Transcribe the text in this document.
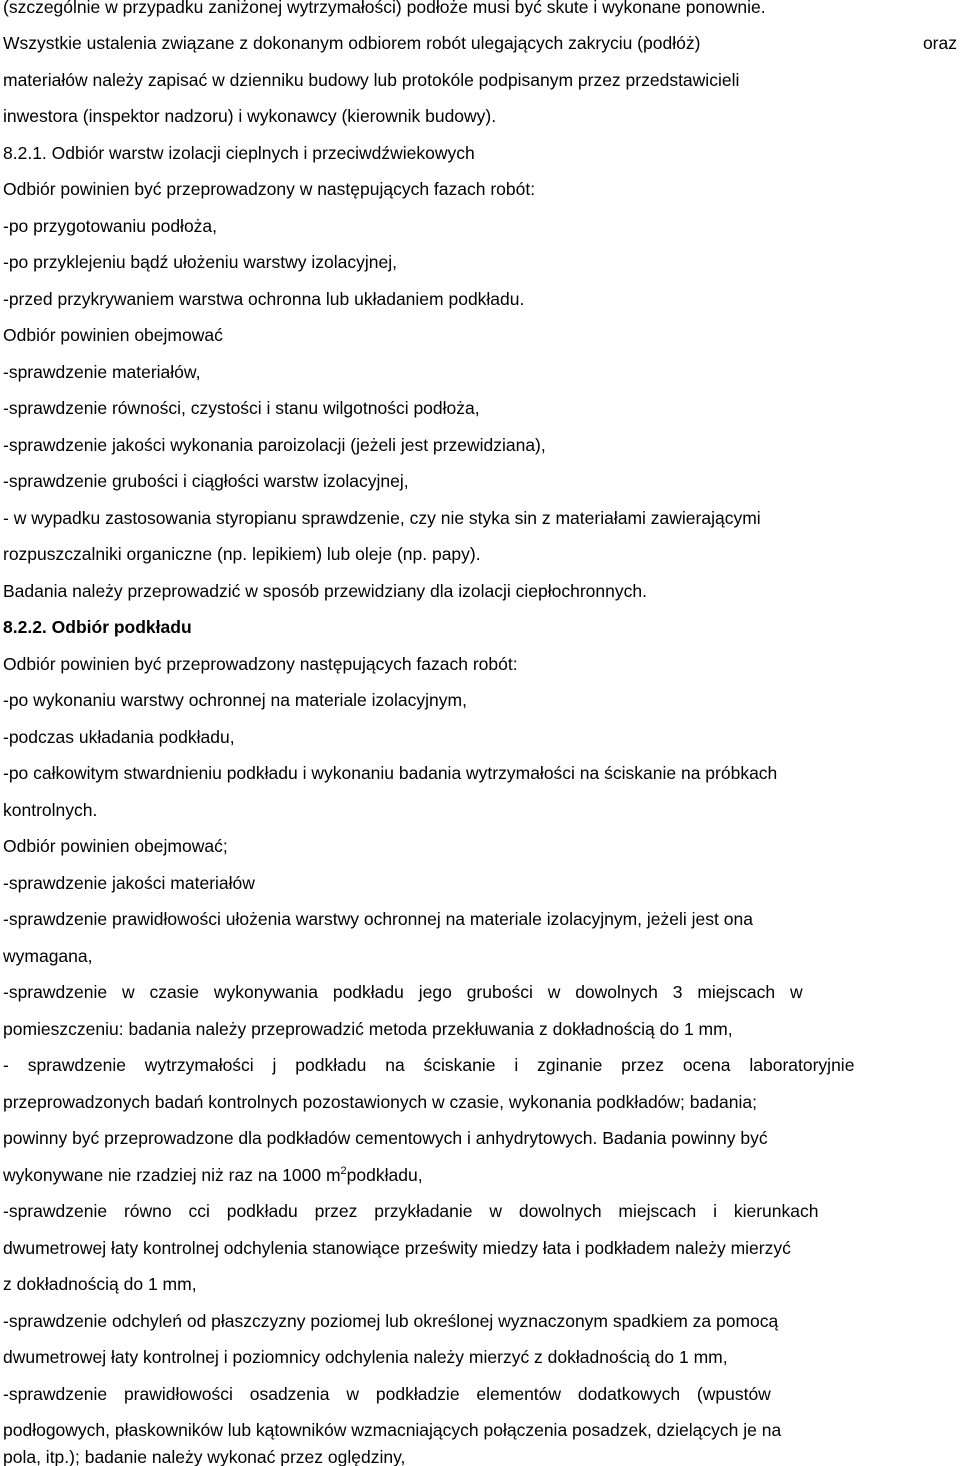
(szczególnie w przypadku zaniżonej wytrzymałości) podłoże musi być skute i wykonane ponownie.
Wszystkie ustalenia związane z dokonanym odbiorem robót ulegających zakryciu (podłóż)	oraz
materiałów należy zapisać w dzienniku budowy lub protokóle podpisanym przez przedstawicieli
inwestora (inspektor nadzoru) i wykonawcy (kierownik budowy).
8.2.1. Odbiór warstw izolacji cieplnych i przeciwdźwiekowych
Odbiór powinien być przeprowadzony w następujących fazach robót:
-po przygotowaniu podłoża,
-po przyklejeniu bądź ułożeniu warstwy izolacyjnej,
-przed przykrywaniem warstwa ochronna lub układaniem podkładu.
Odbiór powinien obejmować
-sprawdzenie materiałów,
-sprawdzenie równości, czystości i stanu wilgotności podłoża,
-sprawdzenie jakości wykonania paroizolacji (jeżeli jest przewidziana),
-sprawdzenie grubości i ciągłości warstw izolacyjnej,
- w wypadku zastosowania styropianu sprawdzenie, czy nie styka sin z materiałami zawierającymi
rozpuszczalniki organiczne (np. lepikiem) lub oleje (np. papy).
Badania należy przeprowadzić w sposób przewidziany dla izolacji ciepłochronnych.
8.2.2. Odbiór podkładu
Odbiór powinien być przeprowadzony następujących fazach robót:
-po wykonaniu warstwy ochronnej na materiale izolacyjnym,
-podczas układania podkładu,
-po całkowitym stwardnieniu podkładu i wykonaniu badania wytrzymałości na ściskanie na próbkach
kontrolnych.
Odbiór powinien obejmować;
-sprawdzenie jakości materiałów
-sprawdzenie prawidłowości ułożenia warstwy ochronnej na materiale izolacyjnym, jeżeli jest ona
wymagana,
-sprawdzenie w czasie wykonywania podkładu jego grubości w dowolnych 3 miejscach w
pomieszczeniu: badania należy przeprowadzić metoda przekłuwania z dokładnością do 1 mm,
- sprawdzenie wytrzymałości j podkładu na ściskanie i zginanie przez ocena laboratoryjnie
przeprowadzonych badań kontrolnych pozostawionych w czasie, wykonania podkładów; badania;
powinny być przeprowadzone dla podkładów cementowych i anhydrytowych. Badania powinny być
wykonywane nie rzadziej niż raz na 1000 $m^2podkładu$,
-sprawdzenie równo cci podkładu przez przykładanie w dowolnych miejscach i kierunkach
dwumetrowej łaty kontrolnej odchylenia stanowiące prześwity miedzy łata i podkładem należy mierzyć
z dokładnością do 1 mm,
-sprawdzenie odchyleń od płaszczyzny poziomej lub określonej wyznaczonym spadkiem za pomocą
dwumetrowej łaty kontrolnej i poziomnicy odchylenia należy mierzyć z dokładnością do 1 mm,
-sprawdzenie prawidłowości osadzenia w podkładzie elementów dodatkowych (wpustów
podłogowych, płaskowników lub kątowników wzmacniających połączenia posadzek, dzielących je na
pola, itp.); badanie należy wykonać przez oględziny,
